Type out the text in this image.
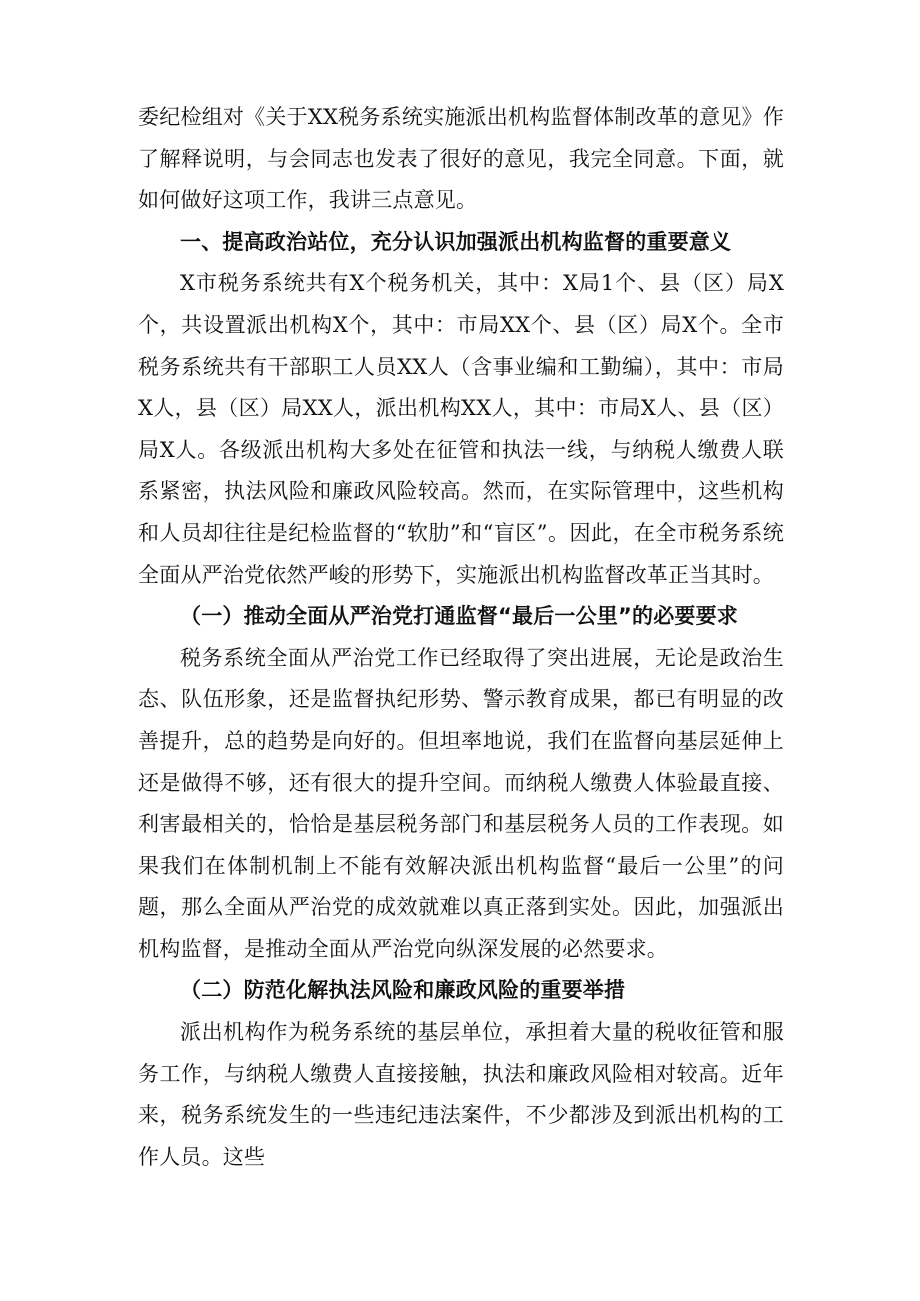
委纪检组对《关于XX税务系统实施派出机构监督体制改革的意见》作了解释说明，与会同志也发表了很好的意见，我完全同意。下面，就如何做好这项工作，我讲三点意见。

一、提高政治站位，充分认识加强派出机构监督的重要意义

X市税务系统共有X个税务机关，其中：X局1个、县（区）局X个，共设置派出机构X个，其中：市局XX个、县（区）局X个。全市税务系统共有干部职工人员XX人（含事业编和工勤编），其中：市局X人，县（区）局XX人，派出机构XX人，其中：市局X人、县（区）局X人。各级派出机构大多处在征管和执法一线，与纳税人缴费人联系紧密，执法风险和廉政风险较高。然而，在实际管理中，这些机构和人员却往往是纪检监督的“软肋”和“盲区”。因此，在全市税务系统全面从严治党依然严峻的形势下，实施派出机构监督改革正当其时。

（一）推动全面从严治党打通监督“最后一公里”的必要要求

税务系统全面从严治党工作已经取得了突出进展，无论是政治生态、队伍形象，还是监督执纪形势、警示教育成果，都已有明显的改善提升，总的趋势是向好的。但坦率地说，我们在监督向基层延伸上还是做得不够，还有很大的提升空间。而纳税人缴费人体验最直接、利害最相关的，恰恰是基层税务部门和基层税务人员的工作表现。如果我们在体制机制上不能有效解决派出机构监督“最后一公里”的问题，那么全面从严治党的成效就难以真正落到实处。因此，加强派出机构监督，是推动全面从严治党向纵深发展的必然要求。

（二）防范化解执法风险和廉政风险的重要举措

派出机构作为税务系统的基层单位，承担着大量的税收征管和服务工作，与纳税人缴费人直接接触，执法和廉政风险相对较高。近年来，税务系统发生的一些违纪违法案件，不少都涉及到派出机构的工作人员。这些
